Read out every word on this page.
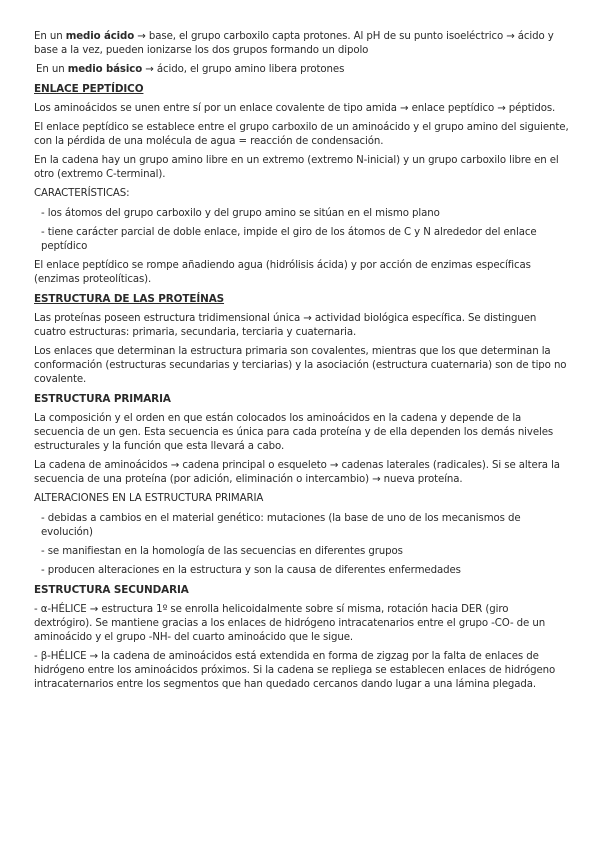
En un medio ácido → base, el grupo carboxilo capta protones. Al pH de su punto isoeléctrico → ácido y base a la vez, pueden ionizarse los dos grupos formando un dipolo

En un medio básico → ácido, el grupo amino libera protones

ENLACE PEPTÍDICO

Los aminoácidos se unen entre sí por un enlace covalente de tipo amida → enlace peptídico → péptidos.

El enlace peptídico se establece entre el grupo carboxilo de un aminoácido y el grupo amino del siguiente, con la pérdida de una molécula de agua = reacción de condensación.

En la cadena hay un grupo amino libre en un extremo (extremo N-inicial) y un grupo carboxilo libre en el otro (extremo C-terminal).

CARACTERÍSTICAS:

- los átomos del grupo carboxilo y del grupo amino se sitúan en el mismo plano

- tiene carácter parcial de doble enlace, impide el giro de los átomos de C y N alrededor del enlace peptídico

El enlace peptídico se rompe añadiendo agua (hidrólisis ácida) y por acción de enzimas específicas (enzimas proteolíticas).

ESTRUCTURA DE LAS PROTEÍNAS

Las proteínas poseen estructura tridimensional única → actividad biológica específica. Se distinguen cuatro estructuras: primaria, secundaria, terciaria y cuaternaria.

Los enlaces que determinan la estructura primaria son covalentes, mientras que los que determinan la conformación (estructuras secundarias y terciarias) y la asociación (estructura cuaternaria) son de tipo no covalente.

ESTRUCTURA PRIMARIA

La composición y el orden en que están colocados los aminoácidos en la cadena y depende de la secuencia de un gen. Esta secuencia es única para cada proteína y de ella dependen los demás niveles estructurales y la función que esta llevará a cabo.

La cadena de aminoácidos → cadena principal o esqueleto → cadenas laterales (radicales). Si se altera la secuencia de una proteína (por adición, eliminación o intercambio) → nueva proteína.

ALTERACIONES EN LA ESTRUCTURA PRIMARIA

- debidas a cambios en el material genético: mutaciones (la base de uno de los mecanismos de evolución)

- se manifiestan en la homología de las secuencias en diferentes grupos

- producen alteraciones en la estructura y son la causa de diferentes enfermedades

ESTRUCTURA SECUNDARIA

- α-HÉLICE → estructura 1º se enrolla helicoidalmente sobre sí misma, rotación hacia DER (giro dextrógiro). Se mantiene gracias a los enlaces de hidrógeno intracatenarios entre el grupo -CO- de un aminoácido y el grupo -NH- del cuarto aminoácido que le sigue.

- β-HÉLICE → la cadena de aminoácidos está extendida en forma de zigzag por la falta de enlaces de hidrógeno entre los aminoácidos próximos. Si la cadena se repliega se establecen enlaces de hidrógeno intracaternarios entre los segmentos que han quedado cercanos dando lugar a una lámina plegada.
